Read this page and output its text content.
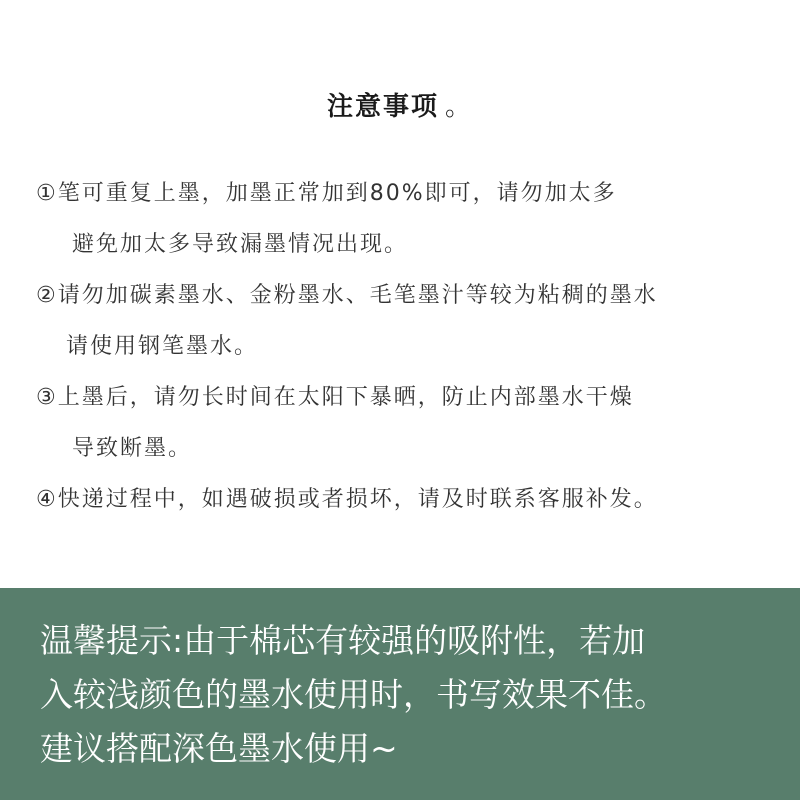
注意事项 。
①笔可重复上墨，加墨正常加到80%即可，请勿加太多
避免加太多导致漏墨情况出现。
②请勿加碳素墨水、金粉墨水、毛笔墨汁等较为粘稠的墨水
请使用钢笔墨水。
③上墨后，请勿长时间在太阳下暴晒，防止内部墨水干燥
导致断墨。
④快递过程中，如遇破损或者损坏，请及时联系客服补发。
温馨提示:由于棉芯有较强的吸附性，若加
入较浅颜色的墨水使用时，书写效果不佳。
建议搭配深色墨水使用~
